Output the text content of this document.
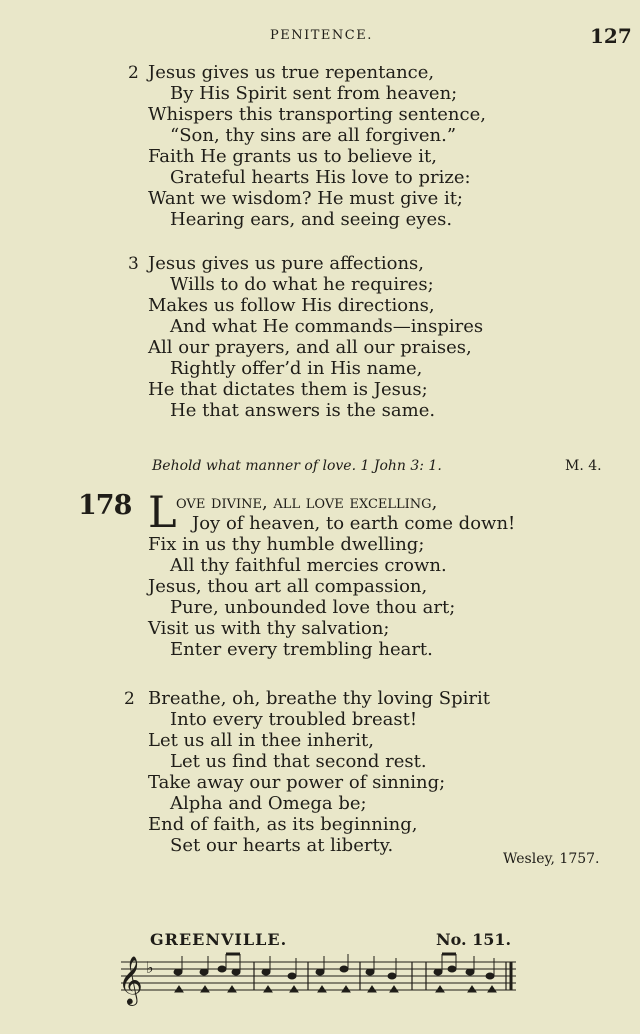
PENITENCE.	127
2 Jesus gives us true repentance,
By His Spirit sent from heaven;
Whispers this transporting sentence,
“Son, thy sins are all forgiven.”
Faith He grants us to believe it,
Grateful hearts His love to prize:
Want we wisdom? He must give it;
Hearing ears, and seeing eyes.
3 Jesus gives us pure affections,
Wills to do what he requires;
Makes us follow His directions,
And what He commands—inspires
All our prayers, and all our praises,
Rightly offer’d in His name,
He that dictates them is Jesus;
He that answers is the same.
Behold what manner of love. 1 John 3: 1.	M. 4.
178 L ove divine, all love excelling,
Joy of heaven, to earth come down!
Fix in us thy humble dwelling;
All thy faithful mercies crown.
Jesus, thou art all compassion,
Pure, unbounded love thou art;
Visit us with thy salvation;
Enter every trembling heart.
2 Breathe, oh, breathe thy loving Spirit
Into every troubled breast!
Let us all in thee inherit,
Let us find that second rest.
Take away our power of sinning;
Alpha and Omega be;
End of faith, as its beginning,
Set our hearts at liberty.
Wesley, 1757.
GREENVILLE.	No. 151.
𝄞 ♭
